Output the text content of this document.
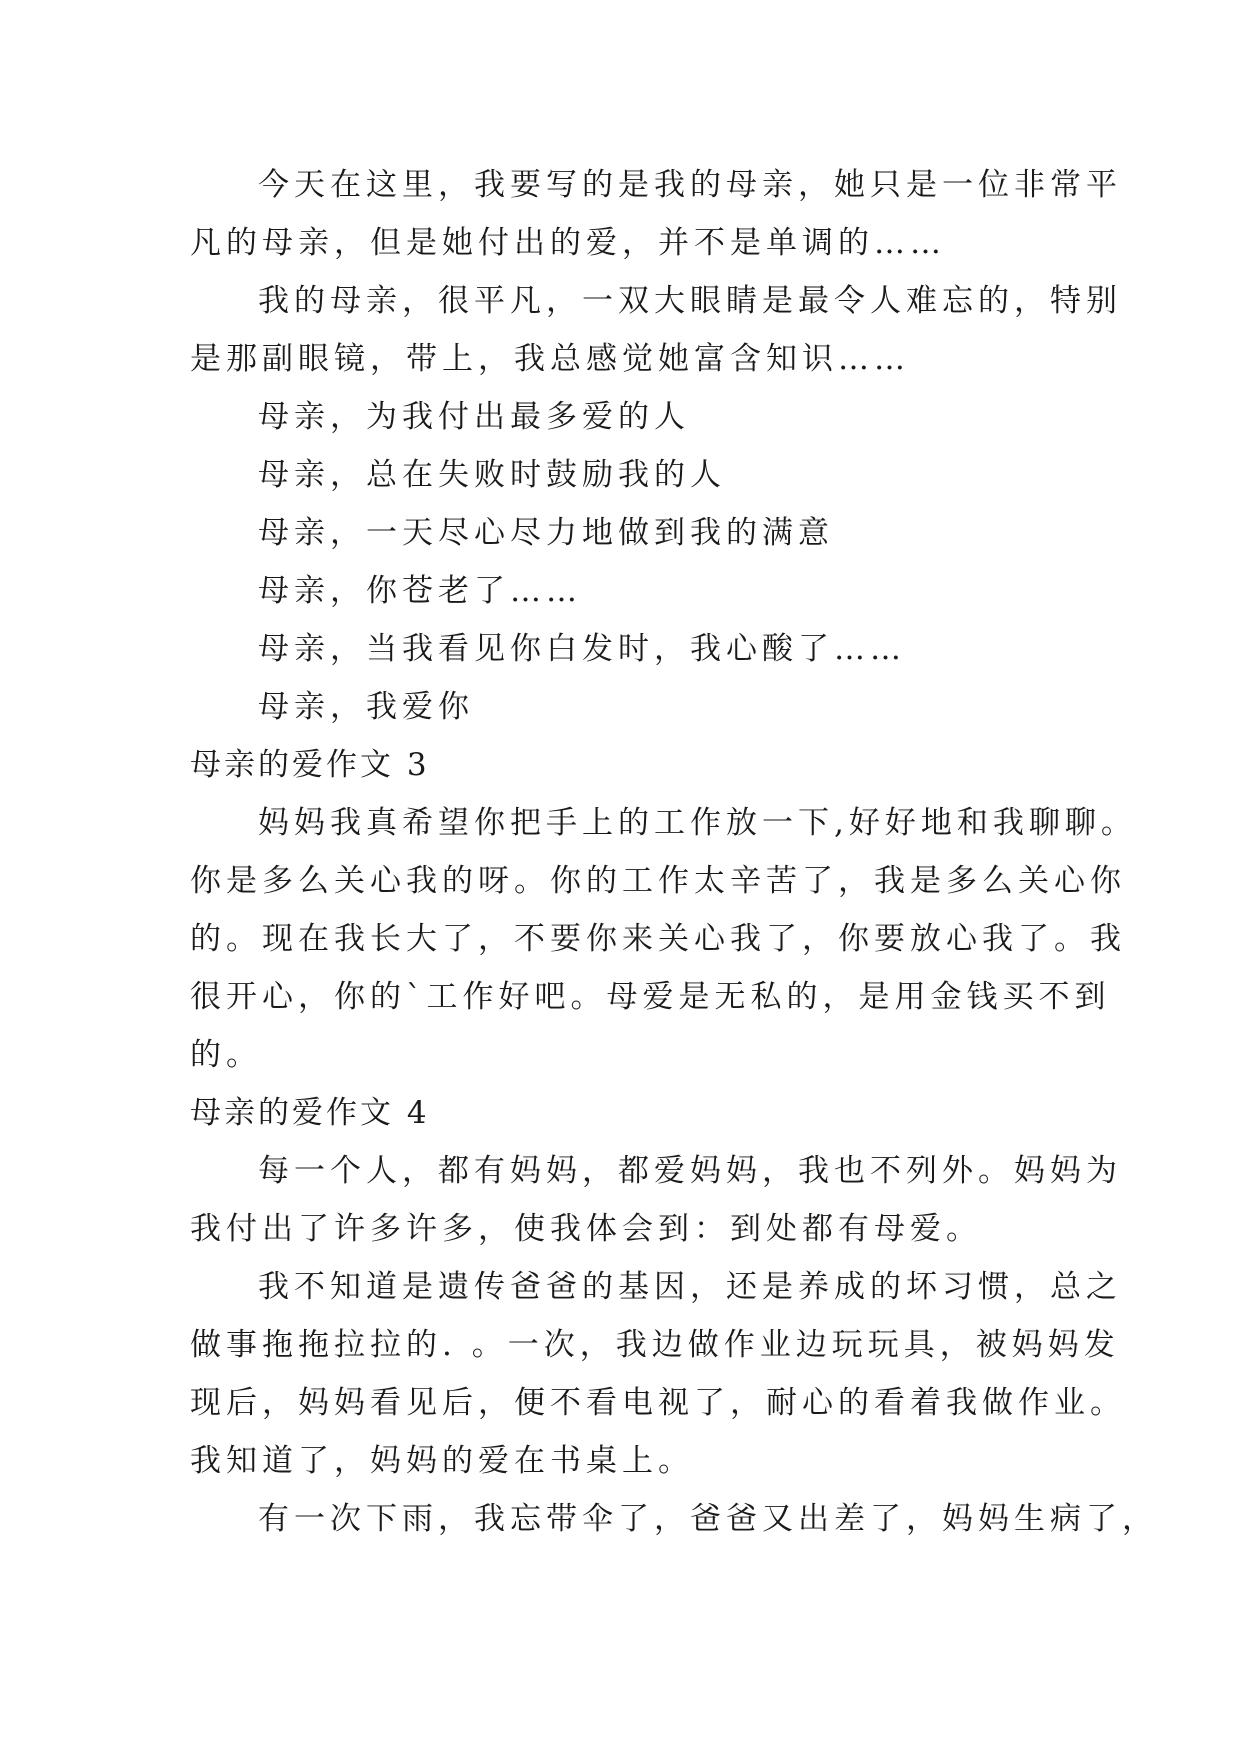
今天在这里，我要写的是我的母亲，她只是一位非常平
凡的母亲，但是她付出的爱，并不是单调的……
我的母亲，很平凡，一双大眼睛是最令人难忘的，特别
是那副眼镜，带上，我总感觉她富含知识……
母亲，为我付出最多爱的人
母亲，总在失败时鼓励我的人
母亲，一天尽心尽力地做到我的满意
母亲，你苍老了……
母亲，当我看见你白发时，我心酸了……
母亲，我爱你
母亲的爱作文 3
妈妈我真希望你把手上的工作放一下,好好地和我聊聊。
你是多么关心我的呀。你的工作太辛苦了，我是多么关心你
的。现在我长大了，不要你来关心我了，你要放心我了。我
很开心，你的`工作好吧。母爱是无私的，是用金钱买不到
的。
母亲的爱作文 4
每一个人，都有妈妈，都爱妈妈，我也不列外。妈妈为
我付出了许多许多，使我体会到：到处都有母爱。
我不知道是遗传爸爸的基因，还是养成的坏习惯，总之
做事拖拖拉拉的. 。一次，我边做作业边玩玩具，被妈妈发
现后，妈妈看见后，便不看电视了，耐心的看着我做作业。
我知道了，妈妈的爱在书桌上。
有一次下雨，我忘带伞了，爸爸又出差了，妈妈生病了，
